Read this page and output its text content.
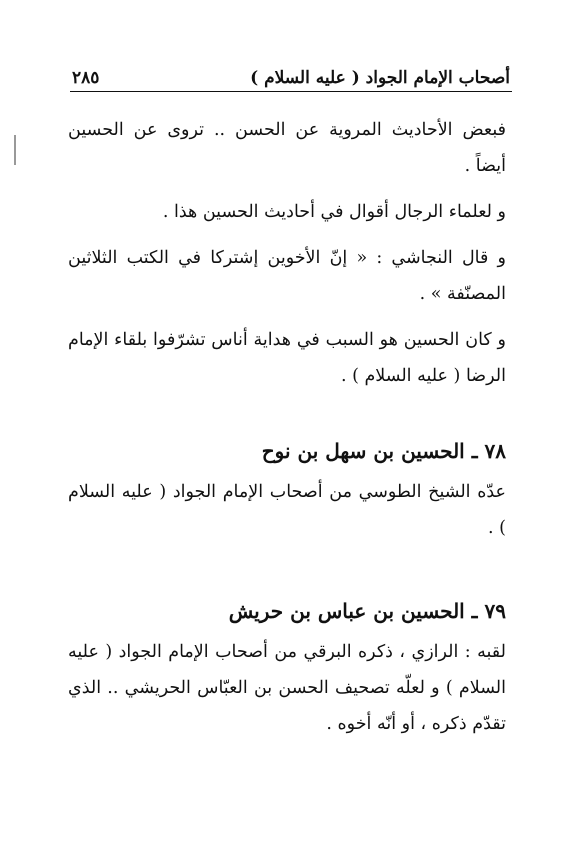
أصحاب الإمام الجواد ( عليه السلام )
٢٨٥

فبعض الأحاديث المروية عن الحسن .. تروى عن الحسين أيضاً .

و لعلماء الرجال أقوال في أحاديث الحسين هذا .

و قال النجاشي : « إنّ الأخوين إشتركا في الكتب الثلاثين المصنّفة » .

و كان الحسين هو السبب في هداية أناس تشرّفوا بلقاء الإمام الرضا ( عليه السلام ) .

٧٨ ـ الحسين بن سهل بن نوح

عدّه الشيخ الطوسي من أصحاب الإمام الجواد ( عليه السلام ) .

٧٩ ـ الحسين بن عباس بن حريش

لقبه : الرازي ، ذكره البرقي من أصحاب الإمام الجواد ( عليه السلام ) و لعلّه تصحيف الحسن بن العبّاس الحريشي .. الذي تقدّم ذكره ، أو أنّه أخوه .
